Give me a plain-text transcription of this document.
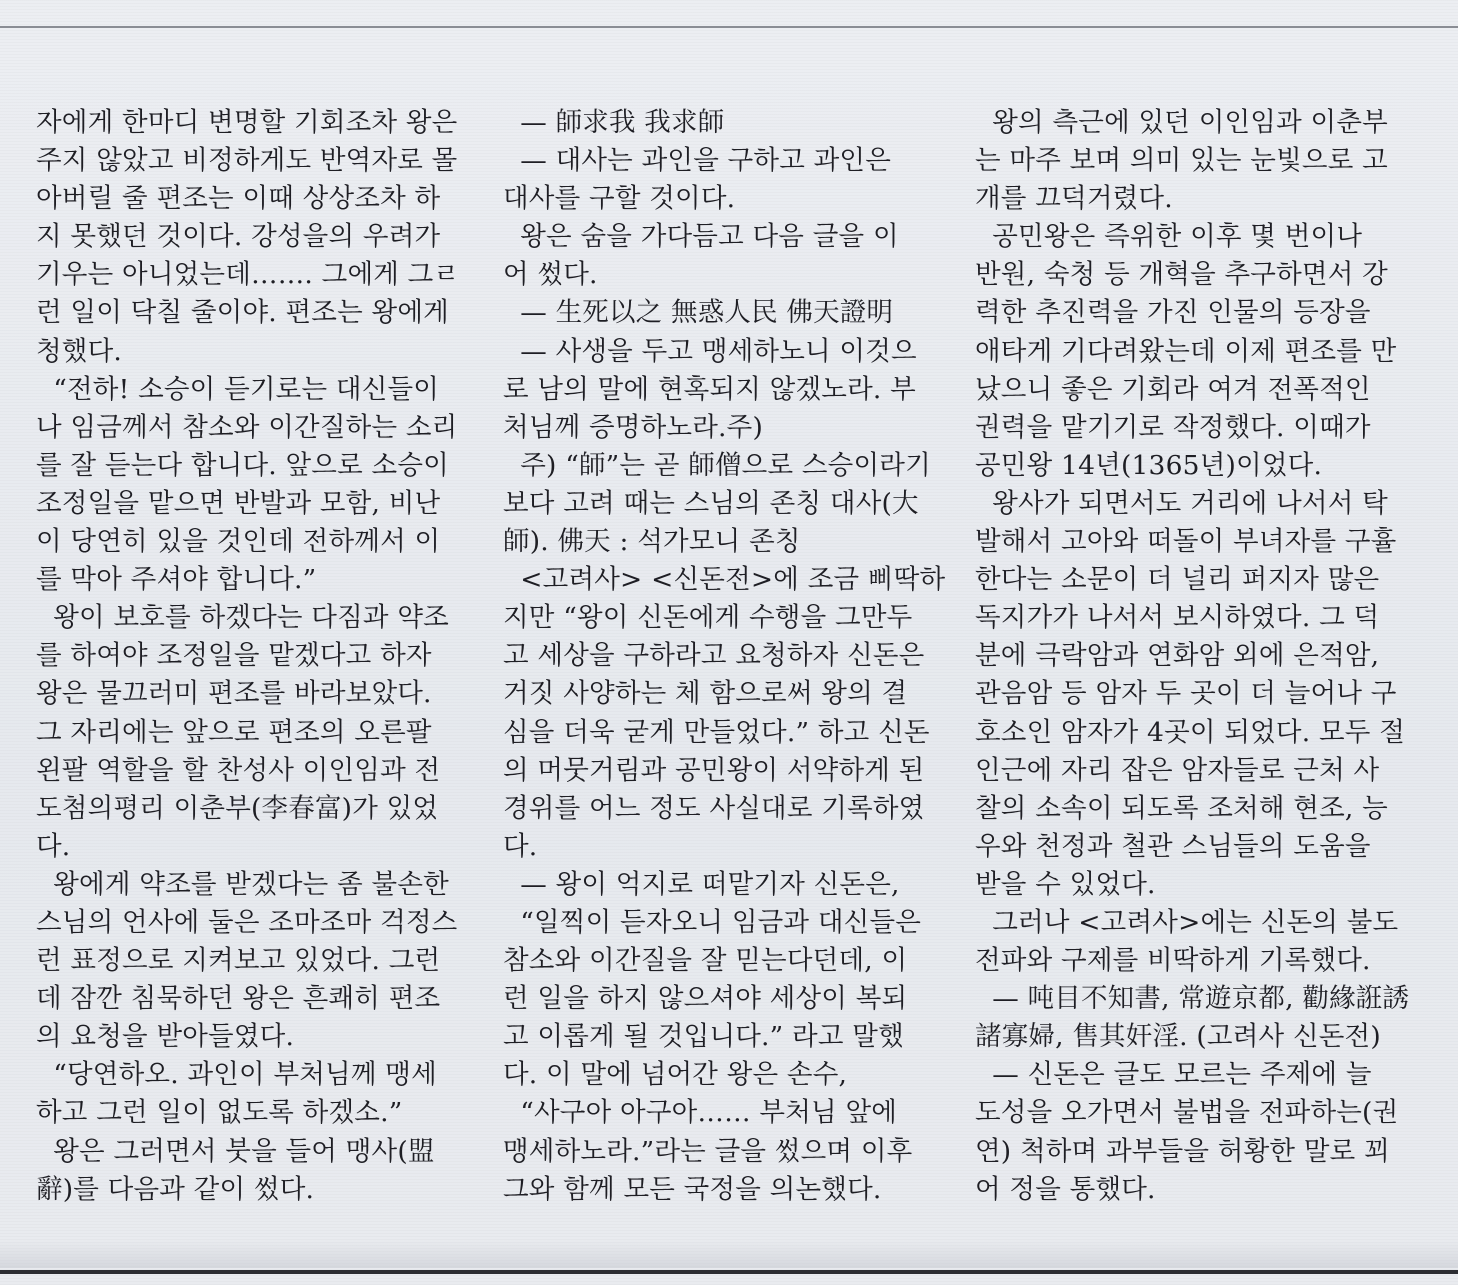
자에게 한마디 변명할 기회조차 왕은
주지 않았고 비정하게도 반역자로 몰
아버릴 줄 편조는 이때 상상조차 하
지 못했던 것이다. 강성을의 우려가
기우는 아니었는데……. 그에게 그ㄹ
런 일이 닥칠 줄이야. 편조는 왕에게
청했다.
“전하! 소승이 듣기로는 대신들이
나 임금께서 참소와 이간질하는 소리
를 잘 듣는다 합니다. 앞으로 소승이
조정일을 맡으면 반발과 모함, 비난
이 당연히 있을 것인데 전하께서 이
를 막아 주셔야 합니다.”
왕이 보호를 하겠다는 다짐과 약조
를 하여야 조정일을 맡겠다고 하자
왕은 물끄러미 편조를 바라보았다.
그 자리에는 앞으로 편조의 오른팔
왼팔 역할을 할 찬성사 이인임과 전
도첨의평리 이춘부(李春富)가 있었
다.
왕에게 약조를 받겠다는 좀 불손한
스님의 언사에 둘은 조마조마 걱정스
런 표정으로 지켜보고 있었다. 그런
데 잠깐 침묵하던 왕은 흔쾌히 편조
의 요청을 받아들였다.
“당연하오. 과인이 부처님께 맹세
하고 그런 일이 없도록 하겠소.”
왕은 그러면서 붓을 들어 맹사(盟
辭)를 다음과 같이 썼다.
— 師求我 我求師
— 대사는 과인을 구하고 과인은
대사를 구할 것이다.
왕은 숨을 가다듬고 다음 글을 이
어 썼다.
— 生死以之 無惑人民 佛天證明
— 사생을 두고 맹세하노니 이것으
로 남의 말에 현혹되지 않겠노라. 부
처님께 증명하노라.주)
주) “師”는 곧 師僧으로 스승이라기
보다 고려 때는 스님의 존칭 대사(大
師). 佛天 : 석가모니 존칭
<고려사> <신돈전>에 조금 삐딱하
지만 “왕이 신돈에게 수행을 그만두
고 세상을 구하라고 요청하자 신돈은
거짓 사양하는 체 함으로써 왕의 결
심을 더욱 굳게 만들었다.” 하고 신돈
의 머뭇거림과 공민왕이 서약하게 된
경위를 어느 정도 사실대로 기록하였
다.
— 왕이 억지로 떠맡기자 신돈은,
“일찍이 듣자오니 임금과 대신들은
참소와 이간질을 잘 믿는다던데, 이
런 일을 하지 않으셔야 세상이 복되
고 이롭게 될 것입니다.” 라고 말했
다. 이 말에 넘어간 왕은 손수,
“사구아 아구아…… 부처님 앞에
맹세하노라.”라는 글을 썼으며 이후
그와 함께 모든 국정을 의논했다.
왕의 측근에 있던 이인임과 이춘부
는 마주 보며 의미 있는 눈빛으로 고
개를 끄덕거렸다.
공민왕은 즉위한 이후 몇 번이나
반원, 숙청 등 개혁을 추구하면서 강
력한 추진력을 가진 인물의 등장을
애타게 기다려왔는데 이제 편조를 만
났으니 좋은 기회라 여겨 전폭적인
권력을 맡기기로 작정했다. 이때가
공민왕 14년(1365년)이었다.
왕사가 되면서도 거리에 나서서 탁
발해서 고아와 떠돌이 부녀자를 구휼
한다는 소문이 더 널리 퍼지자 많은
독지가가 나서서 보시하였다. 그 덕
분에 극락암과 연화암 외에 은적암,
관음암 등 암자 두 곳이 더 늘어나 구
호소인 암자가 4곳이 되었다. 모두 절
인근에 자리 잡은 암자들로 근처 사
찰의 소속이 되도록 조처해 현조, 능
우와 천정과 철관 스님들의 도움을
받을 수 있었다.
그러나 <고려사>에는 신돈의 불도
전파와 구제를 비딱하게 기록했다.
— 吨目不知書, 常遊京都, 勸緣誑誘
諸寡婦, 售其奸淫. (고려사 신돈전)
— 신돈은 글도 모르는 주제에 늘
도성을 오가면서 불법을 전파하는(권
연) 척하며 과부들을 허황한 말로 꾀
어 정을 통했다.
